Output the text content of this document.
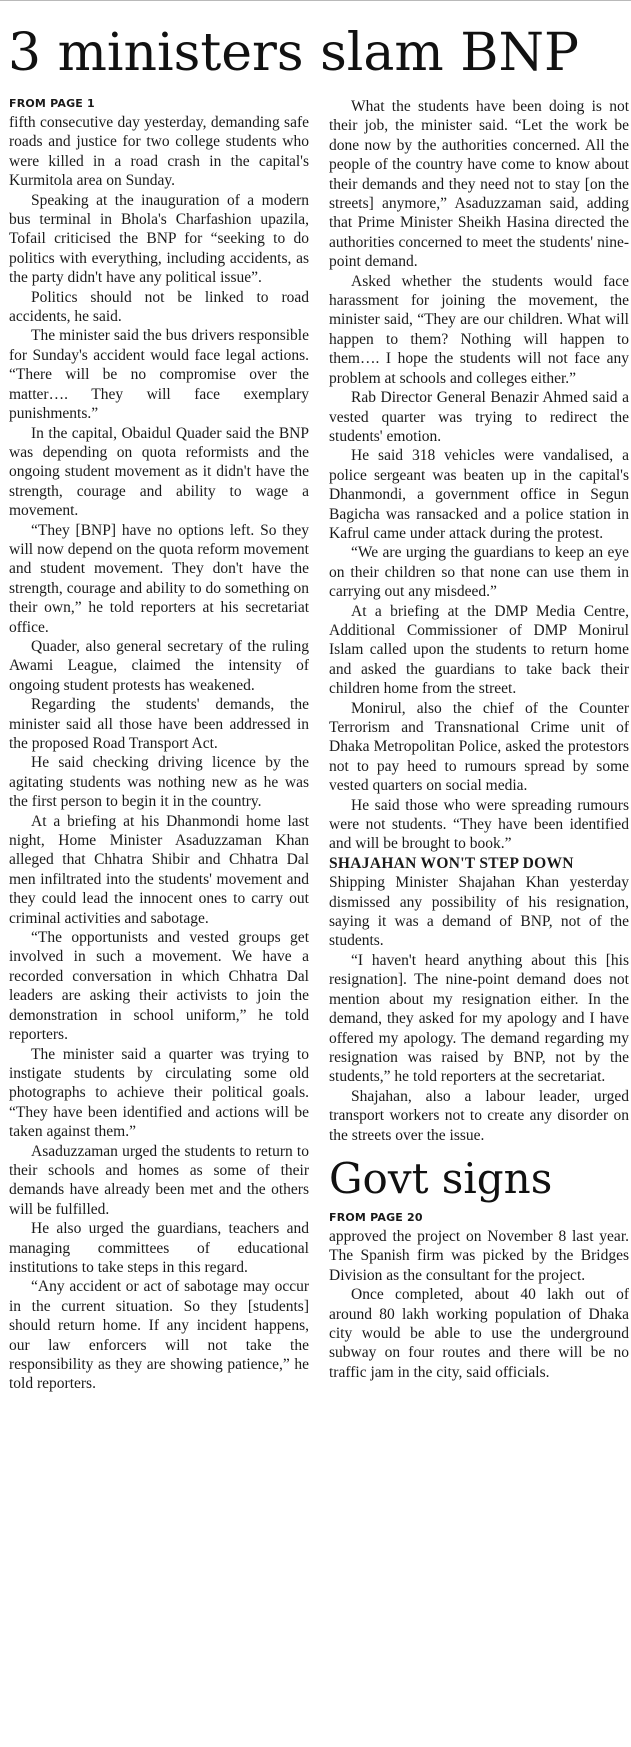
3 ministers slam BNP
FROM PAGE 1

fifth consecutive day yesterday, demanding safe roads and justice for two college students who were killed in a road crash in the capital's Kurmitola area on Sunday.

Speaking at the inauguration of a modern bus terminal in Bhola's Charfashion upazila, Tofail criticised the BNP for “seeking to do politics with everything, including accidents, as the party didn't have any political issue”.

Politics should not be linked to road accidents, he said.

The minister said the bus drivers responsible for Sunday's accident would face legal actions. “There will be no compromise over the matter…. They will face exemplary punishments.”

In the capital, Obaidul Quader said the BNP was depending on quota reformists and the ongoing student movement as it didn't have the strength, courage and ability to wage a movement.

“They [BNP] have no options left. So they will now depend on the quota reform movement and student movement. They don't have the strength, courage and ability to do something on their own,” he told reporters at his secretariat office.

Quader, also general secretary of the ruling Awami League, claimed the intensity of ongoing student protests has weakened.

Regarding the students' demands, the minister said all those have been addressed in the proposed Road Transport Act.

He said checking driving licence by the agitating students was nothing new as he was the first person to begin it in the country.

At a briefing at his Dhanmondi home last night, Home Minister Asaduzzaman Khan alleged that Chhatra Shibir and Chhatra Dal men infiltrated into the students' movement and they could lead the innocent ones to carry out criminal activities and sabotage.

“The opportunists and vested groups get involved in such a movement. We have a recorded conversation in which Chhatra Dal leaders are asking their activists to join the demonstration in school uniform,” he told reporters.

The minister said a quarter was trying to instigate students by circulating some old photographs to achieve their political goals. “They have been identified and actions will be taken against them.”

Asaduzzaman urged the students to return to their schools and homes as some of their demands have already been met and the others will be fulfilled.

He also urged the guardians, teachers and managing committees of educational institutions to take steps in this regard.

“Any accident or act of sabotage may occur in the current situation. So they [students] should return home. If any incident happens, our law enforcers will not take the responsibility as they are showing patience,” he told reporters.

What the students have been doing is not their job, the minister said. “Let the work be done now by the authorities concerned. All the people of the country have come to know about their demands and they need not to stay [on the streets] anymore,” Asaduzzaman said, adding that Prime Minister Sheikh Hasina directed the authorities concerned to meet the students' nine-point demand.

Asked whether the students would face harassment for joining the movement, the minister said, “They are our children. What will happen to them? Nothing will happen to them…. I hope the students will not face any problem at schools and colleges either.”

Rab Director General Benazir Ahmed said a vested quarter was trying to redirect the students' emotion.

He said 318 vehicles were vandalised, a police sergeant was beaten up in the capital's Dhanmondi, a government office in Segun Bagicha was ransacked and a police station in Kafrul came under attack during the protest.

“We are urging the guardians to keep an eye on their children so that none can use them in carrying out any misdeed.”

At a briefing at the DMP Media Centre, Additional Commissioner of DMP Monirul Islam called upon the students to return home and asked the guardians to take back their children home from the street.

Monirul, also the chief of the Counter Terrorism and Transnational Crime unit of Dhaka Metropolitan Police, asked the protestors not to pay heed to rumours spread by some vested quarters on social media.

He said those who were spreading rumours were not students. “They have been identified and will be brought to book.”

SHAJAHAN WON'T STEP DOWN

Shipping Minister Shajahan Khan yesterday dismissed any possibility of his resignation, saying it was a demand of BNP, not of the students.

“I haven't heard anything about this [his resignation]. The nine-point demand does not mention about my resignation either. In the demand, they asked for my apology and I have offered my apology. The demand regarding my resignation was raised by BNP, not by the students,” he told reporters at the secretariat.

Shajahan, also a labour leader, urged transport workers not to create any disorder on the streets over the issue.

Govt signs
FROM PAGE 20

approved the project on November 8 last year. The Spanish firm was picked by the Bridges Division as the consultant for the project.

Once completed, about 40 lakh out of around 80 lakh working population of Dhaka city would be able to use the underground subway on four routes and there will be no traffic jam in the city, said officials.
